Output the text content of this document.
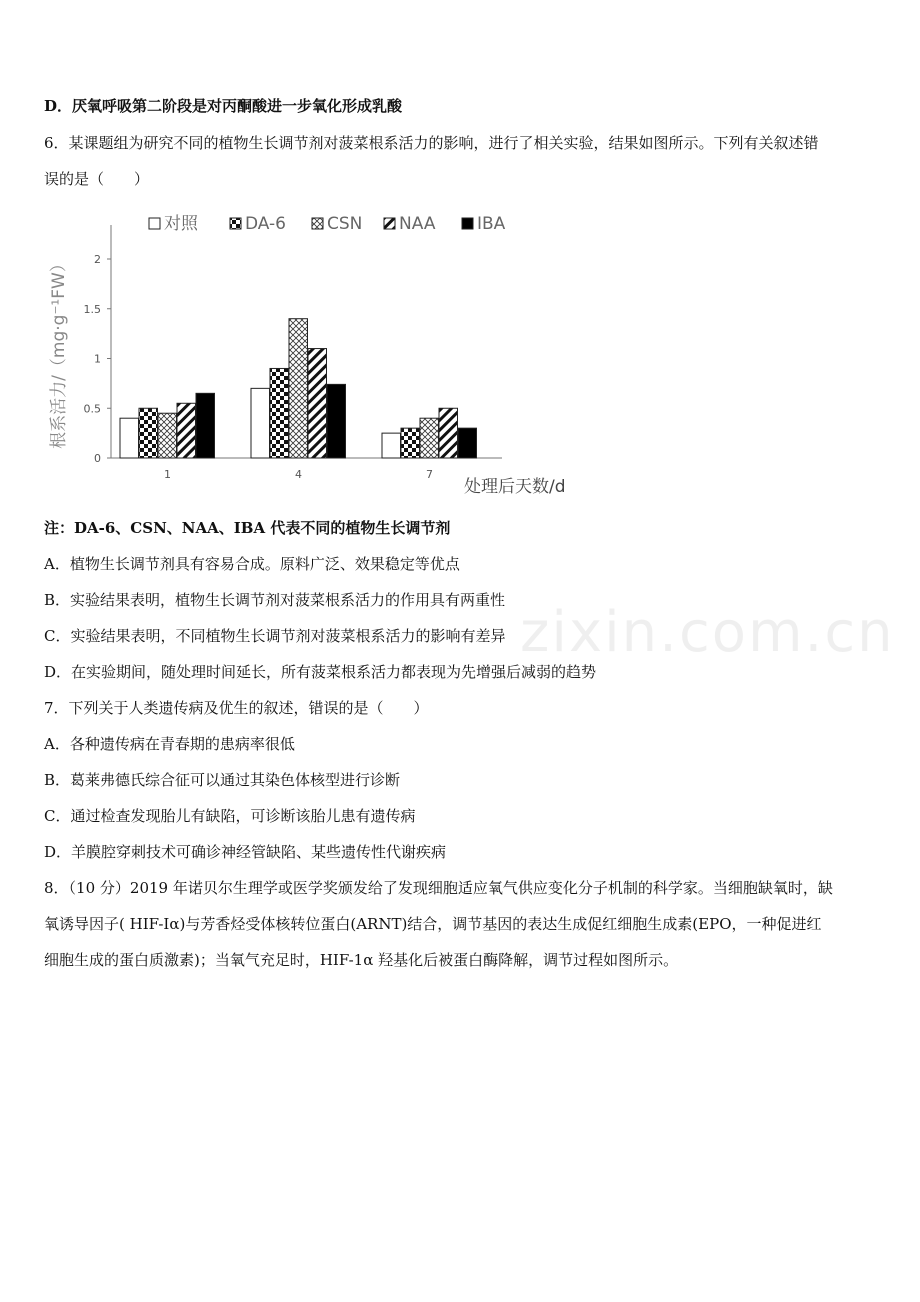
D．厌氧呼吸第二阶段是对丙酮酸进一步氧化形成乳酸
6．某课题组为研究不同的植物生长调节剂对菠菜根系活力的影响，进行了相关实验，结果如图所示。下列有关叙述错
误的是（　　）
对照	DA-6 CSN NAA IBA
根系活力/（mg·g⁻¹FW）
1	4	7
0
0.5
1
1.5
2
处理后天数/d
注：DA-6、CSN、NAA、IBA 代表不同的植物生长调节剂
A．植物生长调节剂具有容易合成。原料广泛、效果稳定等优点
B．实验结果表明，植物生长调节剂对菠菜根系活力的作用具有两重性
C．实验结果表明，不同植物生长调节剂对菠菜根系活力的影响有差异
D．在实验期间，随处理时间延长，所有菠菜根系活力都表现为先增强后减弱的趋势
7．下列关于人类遗传病及优生的叙述，错误的是（　　）
A．各种遗传病在青春期的患病率很低
B．葛莱弗德氏综合征可以通过其染色体核型进行诊断
C．通过检查发现胎儿有缺陷，可诊断该胎儿患有遗传病
D．羊膜腔穿刺技术可确诊神经管缺陷、某些遗传性代谢疾病
8．（10 分）2019 年诺贝尔生理学或医学奖颁发给了发现细胞适应氧气供应变化分子机制的科学家。当细胞缺氧时，缺
氧诱导因子( HIF-Iα)与芳香烃受体核转位蛋白(ARNT)结合，调节基因的表达生成促红细胞生成素(EPO，一种促进红
细胞生成的蛋白质激素)；当氧气充足时，HIF-1α 羟基化后被蛋白酶降解，调节过程如图所示。
zixin.com.cn
